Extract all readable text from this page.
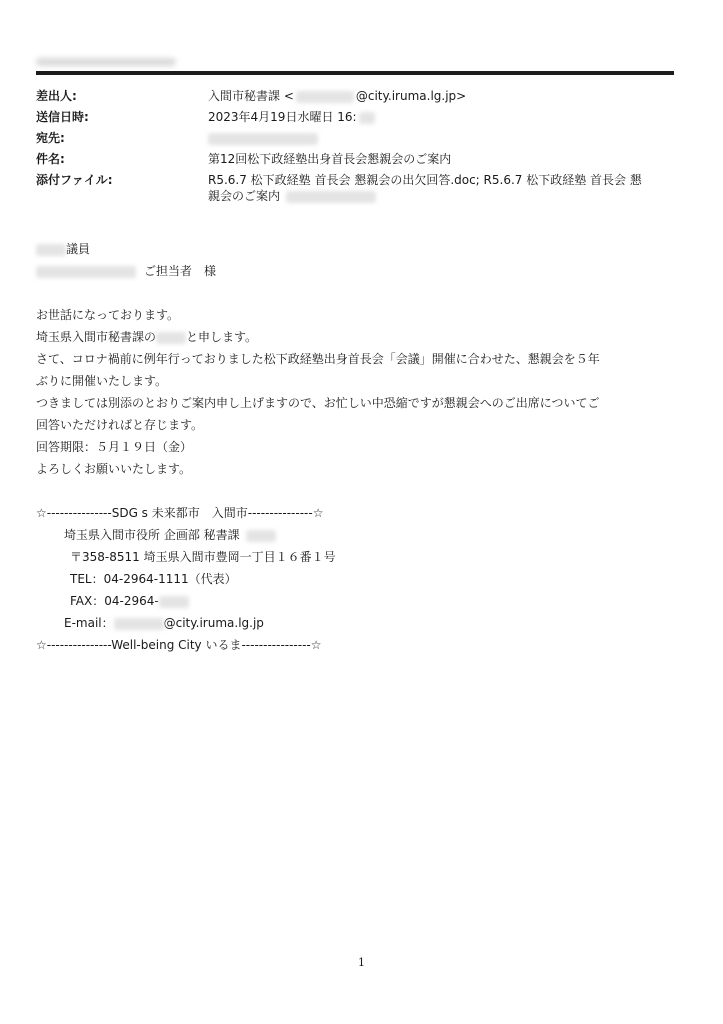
差出人:	入間市秘書課 <	@city.iruma.lg.jp>
送信日時:	2023年4月19日水曜日 16:
宛先:
件名:	第12回松下政経塾出身首長会懇親会のご案内
添付ファイル:	R5.6.7 松下政経塾 首長会 懇親会の出欠回答.doc; R5.6.7 松下政経塾 首長会 懇
親会のご案内

議員

ご担当者　様

お世話になっております。

埼玉県入間市秘書課の	と申します。

さて、コロナ禍前に例年行っておりました松下政経塾出身首長会「会議」開催に合わせた、懇親会を５年

ぶりに開催いたします。

つきましては別添のとおりご案内申し上げますので、お忙しい中恐縮ですが懇親会へのご出席についてご

回答いただければと存じます。

回答期限：５月１９日（金）

よろしくお願いいたします。

☆---------------SDG s 未来都市　入間市---------------☆

埼玉県入間市役所 企画部 秘書課

〒358-8511 埼玉県入間市豊岡一丁目１６番１号

TEL：04-2964-1111（代表）

FAX：04-2964-

E-mail：	@city.iruma.lg.jp

☆---------------Well-being City いるま----------------☆

1
